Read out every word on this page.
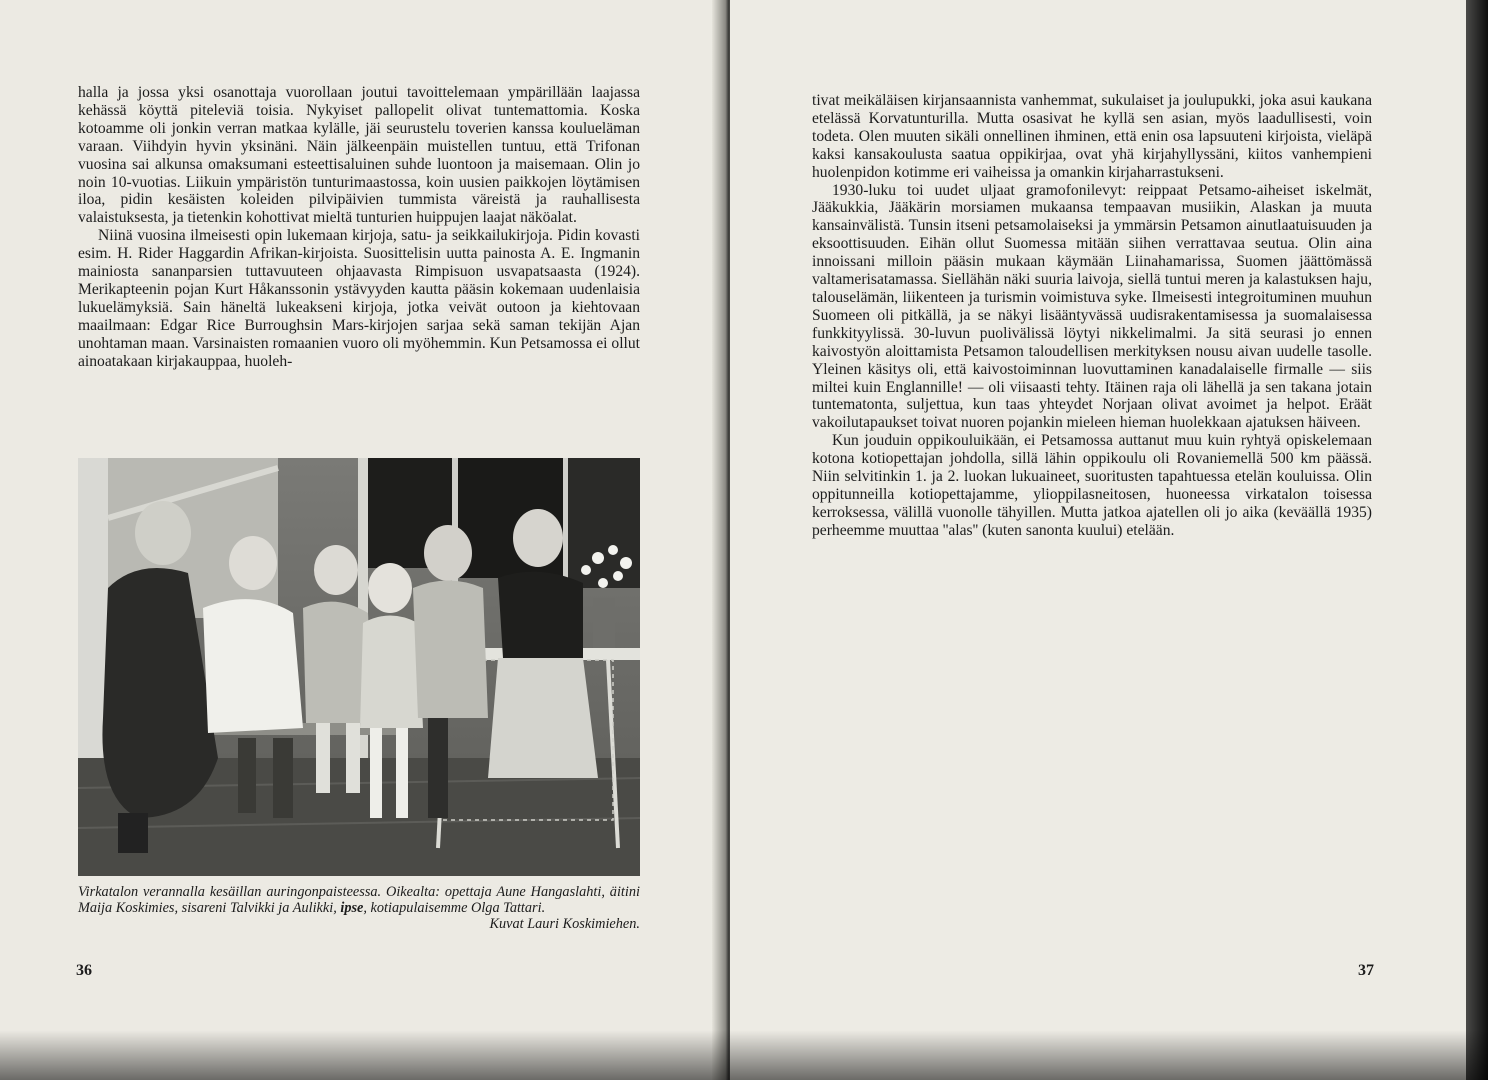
halla ja jossa yksi osanottaja vuorollaan joutui tavoittelemaan ympärillään laajassa kehässä köyttä piteleviä toisia. Nykyiset pallopelit olivat tuntemattomia. Koska kotoamme oli jonkin verran matkaa kylälle, jäi seurustelu toverien kanssa koulueläman varaan. Viihdyin hyvin yksinäni. Näin jälkeenpäin muistellen tuntuu, että Trifonan vuosina sai alkunsa omaksumani esteettisaluinen suhde luontoon ja maisemaan. Olin jo noin 10-vuotias. Liikuin ympäristön tunturimaastossa, koin uusien paikkojen löytämisen iloa, pidin kesäisten koleiden pilvipäivien tummista väreistä ja rauhallisesta valaistuksesta, ja tietenkin kohottivat mieltä tunturien huippujen laajat näköalat.

Niinä vuosina ilmeisesti opin lukemaan kirjoja, satu- ja seikkailukirjoja. Pidin kovasti esim. H. Rider Haggardin Afrikan-kirjoista. Suosittelisin uutta painosta A. E. Ingmanin mainiosta sananparsien tuttavuuteen ohjaavasta Rimpisuon usvapatsaasta (1924). Merikapteenin pojan Kurt Håkanssonin ystävyyden kautta pääsin kokemaan uudenlaisia lukuelämyksiä. Sain häneltä lukeakseni kirjoja, jotka veivät outoon ja kiehtovaan maailmaan: Edgar Rice Burroughsin Mars-kirjojen sarjaa sekä saman tekijän Ajan unohtaman maan. Varsinaisten romaanien vuoro oli myöhemmin. Kun Petsamossa ei ollut ainoatakaan kirjakauppaa, huoleh-

Virkatalon verannalla kesäillan auringonpaisteessa. Oikealta: opettaja Aune Hangaslahti, äitini Maija Koskimies, sisareni Talvikki ja Aulikki, ipse, kotiapulaisemme Olga Tattari.
Kuvat Lauri Koskimiehen.
36

tivat meikäläisen kirjansaannista vanhemmat, sukulaiset ja joulupukki, joka asui kaukana etelässä Korvatunturilla. Mutta osasivat he kyllä sen asian, myös laadullisesti, voin todeta. Olen muuten sikäli onnellinen ihminen, että enin osa lapsuuteni kirjoista, vieläpä kaksi kansakoulusta saatua oppikirjaa, ovat yhä kirjahyllyssäni, kiitos vanhempieni huolenpidon kotimme eri vaiheissa ja omankin kirjaharrastukseni.

1930-luku toi uudet uljaat gramofonilevyt: reippaat Petsamo-aiheiset iskelmät, Jääkukkia, Jääkärin morsiamen mukaansa tempaavan musiikin, Alaskan ja muuta kansainvälistä. Tunsin itseni petsamolaiseksi ja ymmärsin Petsamon ainutlaatuisuuden ja eksoottisuuden. Eihän ollut Suomessa mitään siihen verrattavaa seutua. Olin aina innoissani milloin pääsin mukaan käymään Liinahamarissa, Suomen jäättömässä valtamerisatamassa. Siellähän näki suuria laivoja, siellä tuntui meren ja kalastuksen haju, talouselämän, liikenteen ja turismin voimistuva syke. Ilmeisesti integroituminen muuhun Suomeen oli pitkällä, ja se näkyi lisääntyvässä uudisrakentamisessa ja suomalaisessa funkkityylissä. 30-luvun puolivälissä löytyi nikkelimalmi. Ja sitä seurasi jo ennen kaivostyön aloittamista Petsamon taloudellisen merkityksen nousu aivan uudelle tasolle. Yleinen käsitys oli, että kaivostoiminnan luovuttaminen kanadalaiselle firmalle — siis miltei kuin Englannille! — oli viisaasti tehty. Itäinen raja oli lähellä ja sen takana jotain tuntematonta, suljettua, kun taas yhteydet Norjaan olivat avoimet ja helpot. Eräät vakoilutapaukset toivat nuoren pojankin mieleen hieman huolekkaan ajatuksen häiveen.

Kun jouduin oppikouluikään, ei Petsamossa auttanut muu kuin ryhtyä opiskelemaan kotona kotiopettajan johdolla, sillä lähin oppikoulu oli Rovaniemellä 500 km päässä. Niin selvitinkin 1. ja 2. luokan lukuaineet, suoritusten tapahtuessa etelän kouluissa. Olin oppitunneilla kotiopettajamme, ylioppilasneitosen, huoneessa virkatalon toisessa kerroksessa, välillä vuonolle tähyillen. Mutta jatkoa ajatellen oli jo aika (keväällä 1935) perheemme muuttaa ''alas'' (kuten sanonta kuului) etelään.

37
